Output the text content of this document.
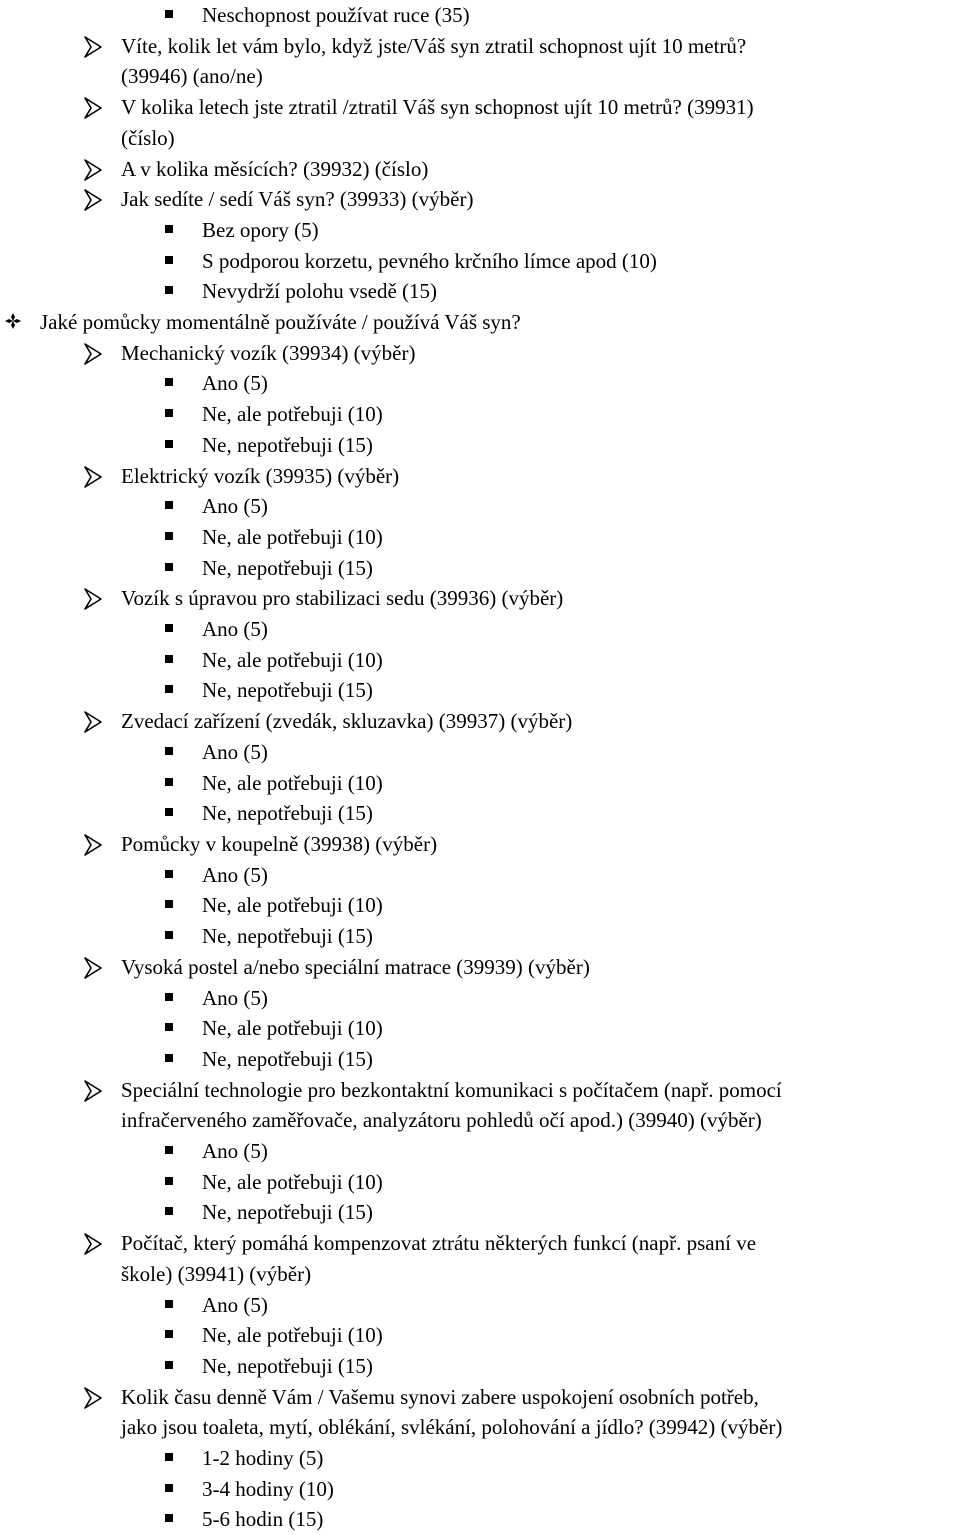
Neschopnost používat ruce (35)
Víte, kolik let vám bylo, když jste/Váš syn ztratil schopnost ujít 10 metrů?
(39946) (ano/ne)
V kolika letech jste ztratil /ztratil Váš syn schopnost ujít 10 metrů? (39931)
(číslo)
A v kolika měsících? (39932) (číslo)
Jak sedíte / sedí Váš syn? (39933) (výběr)
Bez opory (5)
S podporou korzetu, pevného krčního límce apod (10)
Nevydrží polohu vsedě (15)
Jaké pomůcky momentálně používáte / používá Váš syn?
Mechanický vozík (39934) (výběr)
Ano (5)
Ne, ale potřebuji (10)
Ne, nepotřebuji (15)
Elektrický vozík (39935) (výběr)
Ano (5)
Ne, ale potřebuji (10)
Ne, nepotřebuji (15)
Vozík s úpravou pro stabilizaci sedu (39936) (výběr)
Ano (5)
Ne, ale potřebuji (10)
Ne, nepotřebuji (15)
Zvedací zařízení (zvedák, skluzavka) (39937) (výběr)
Ano (5)
Ne, ale potřebuji (10)
Ne, nepotřebuji (15)
Pomůcky v koupelně (39938) (výběr)
Ano (5)
Ne, ale potřebuji (10)
Ne, nepotřebuji (15)
Vysoká postel a/nebo speciální matrace (39939) (výběr)
Ano (5)
Ne, ale potřebuji (10)
Ne, nepotřebuji (15)
Speciální technologie pro bezkontaktní komunikaci s počítačem (např. pomocí
infračerveného zaměřovače, analyzátoru pohledů očí apod.) (39940) (výběr)
Ano (5)
Ne, ale potřebuji (10)
Ne, nepotřebuji (15)
Počítač, který pomáhá kompenzovat ztrátu některých funkcí (např. psaní ve
škole) (39941) (výběr)
Ano (5)
Ne, ale potřebuji (10)
Ne, nepotřebuji (15)
Kolik času denně Vám / Vašemu synovi zabere uspokojení osobních potřeb,
jako jsou toaleta, mytí, oblékání, svlékání, polohování a jídlo? (39942) (výběr)
1-2 hodiny (5)
3-4 hodiny (10)
5-6 hodin (15)
